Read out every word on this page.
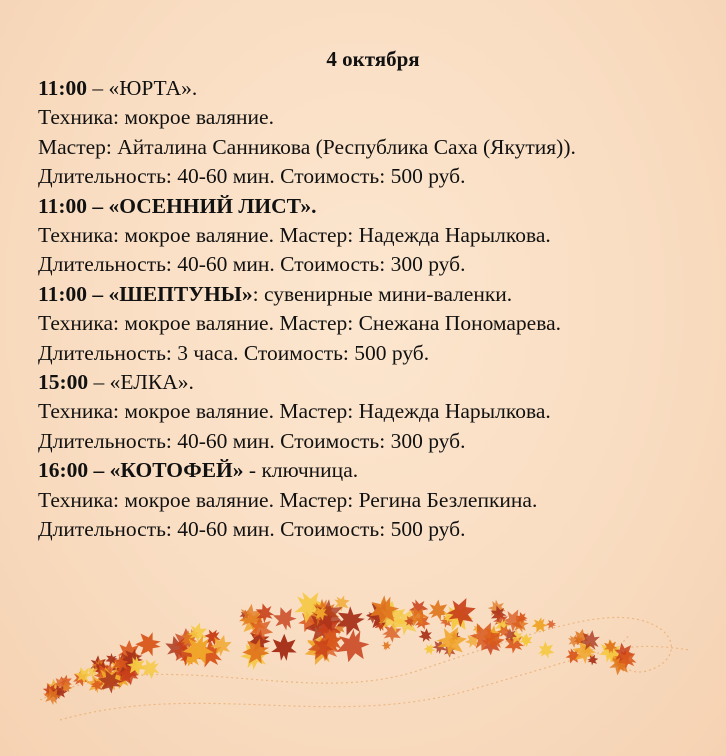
4 октября
11:00 – «ЮРТА».
Техника: мокрое валяние.
Мастер: Айталина Санникова (Республика Саха (Якутия)).
Длительность: 40-60 мин. Стоимость: 500 руб.
11:00 – «ОСЕННИЙ ЛИСТ».
Техника: мокрое валяние. Мастер: Надежда Нарылкова.
Длительность: 40-60 мин. Стоимость: 300 руб.
11:00 – «ШЕПТУНЫ»: сувенирные мини-валенки.
Техника: мокрое валяние. Мастер: Снежана Пономарева.
Длительность: 3 часа. Стоимость: 500 руб.
15:00 – «ЕЛКА».
Техника: мокрое валяние. Мастер: Надежда Нарылкова.
Длительность: 40-60 мин. Стоимость: 300 руб.
16:00 – «КОТОФЕЙ» - ключница.
Техника: мокрое валяние. Мастер: Регина Безлепкина.
Длительность: 40-60 мин. Стоимость: 500 руб.
